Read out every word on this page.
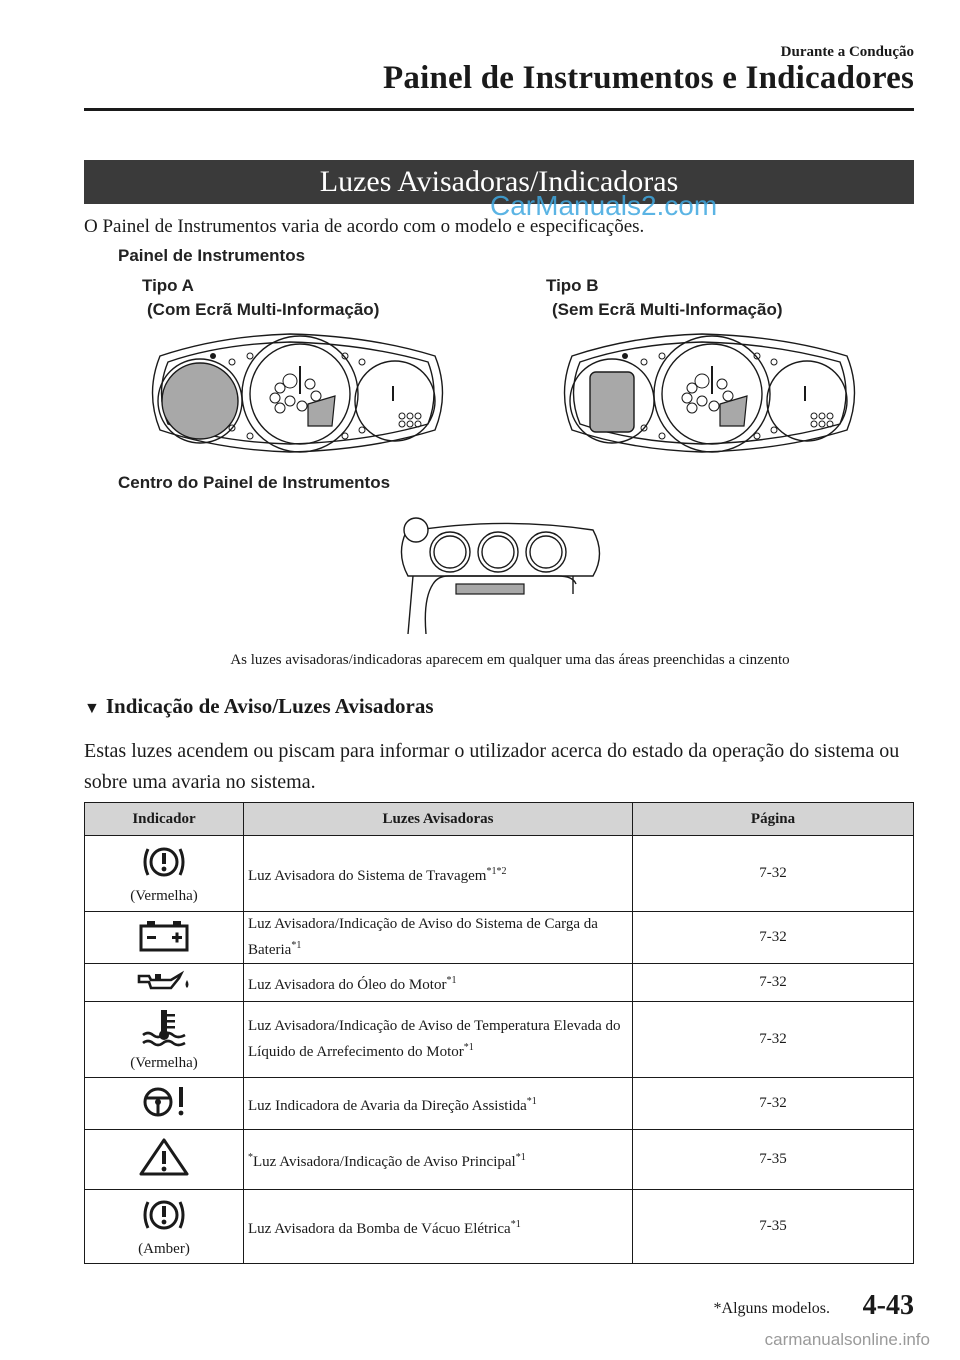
Durante a Condução
Painel de Instrumentos e Indicadores
Luzes Avisadoras/Indicadoras
CarManuals2.com
O Painel de Instrumentos varia de acordo com o modelo e especificações.
Painel de Instrumentos
Tipo A
(Com Ecrã Multi-Informação)
Tipo B
(Sem Ecrã Multi-Informação)
Centro do Painel de Instrumentos
As luzes avisadoras/indicadoras aparecem em qualquer uma das áreas preenchidas a cinzento
▼ Indicação de Aviso/Luzes Avisadoras
Estas luzes acendem ou piscam para informar o utilizador acerca do estado da operação do sistema ou sobre uma avaria no sistema.
Indicador	Luzes Avisadoras	Página

(Vermelha)	Luz Avisadora do Sistema de Travagem$^{*1*2}$	7-32
	Luz Avisadora/Indicação de Aviso do Sistema de Carga da Bateria$^{*1}$	7-32
	Luz Avisadora do Óleo do Motor$^{*1}$	7-32

(Vermelha)	Luz Avisadora/Indicação de Aviso de Temperatura Elevada do Líquido de Arrefecimento do Motor$^{*1}$	7-32
	Luz Indicadora de Avaria da Direção Assistida$^{*1}$	7-32
	*Luz Avisadora/Indicação de Aviso Principal$^{*1}$	7-35

(Amber)	Luz Avisadora da Bomba de Vácuo Elétrica$^{*1}$	7-35
*Alguns modelos. 4-43
carmanualsonline.info
